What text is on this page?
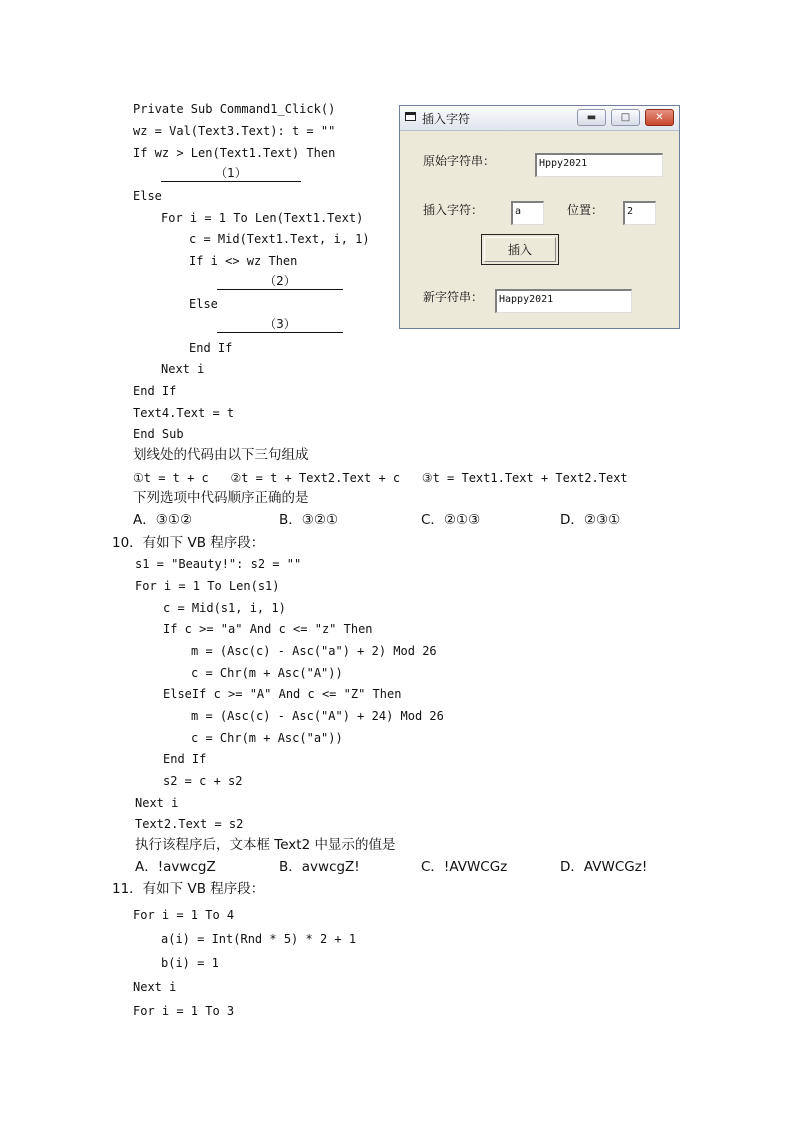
Private Sub Command1_Click()
wz = Val(Text3.Text): t = ""
If wz > Len(Text1.Text) Then
（1）
Else
For i = 1 To Len(Text1.Text)
c = Mid(Text1.Text, i, 1)
If i <> wz Then
（2）
Else
（3）
End If
Next i
End If
Text4.Text = t
End Sub
划线处的代码由以下三句组成
①t = t + c   ②t = t + Text2.Text + c   ③t = Text1.Text + Text2.Text
下列选项中代码顺序正确的是
A．③①②	B．③②①	C．②①③	D．②③①
插入字符	▬	□	✕
原始字符串：	Hppy2021
插入字符：	a	位置：	2
插入
新字符串：	Happy2021
10．有如下 VB 程序段：
s1 = "Beauty!": s2 = ""
For i = 1 To Len(s1)
c = Mid(s1, i, 1)
If c >= "a" And c <= "z" Then
m = (Asc(c) - Asc("a") + 2) Mod 26
c = Chr(m + Asc("A"))
ElseIf c >= "A" And c <= "Z" Then
m = (Asc(c) - Asc("A") + 24) Mod 26
c = Chr(m + Asc("a"))
End If
s2 = c + s2
Next i
Text2.Text = s2
执行该程序后，文本框 Text2 中显示的值是
A．!avwcgZ	B．avwcgZ!	C．!AVWCGz	D．AVWCGz!
11．有如下 VB 程序段：
For i = 1 To 4
a(i) = Int(Rnd * 5) * 2 + 1
b(i) = 1
Next i
For i = 1 To 3
